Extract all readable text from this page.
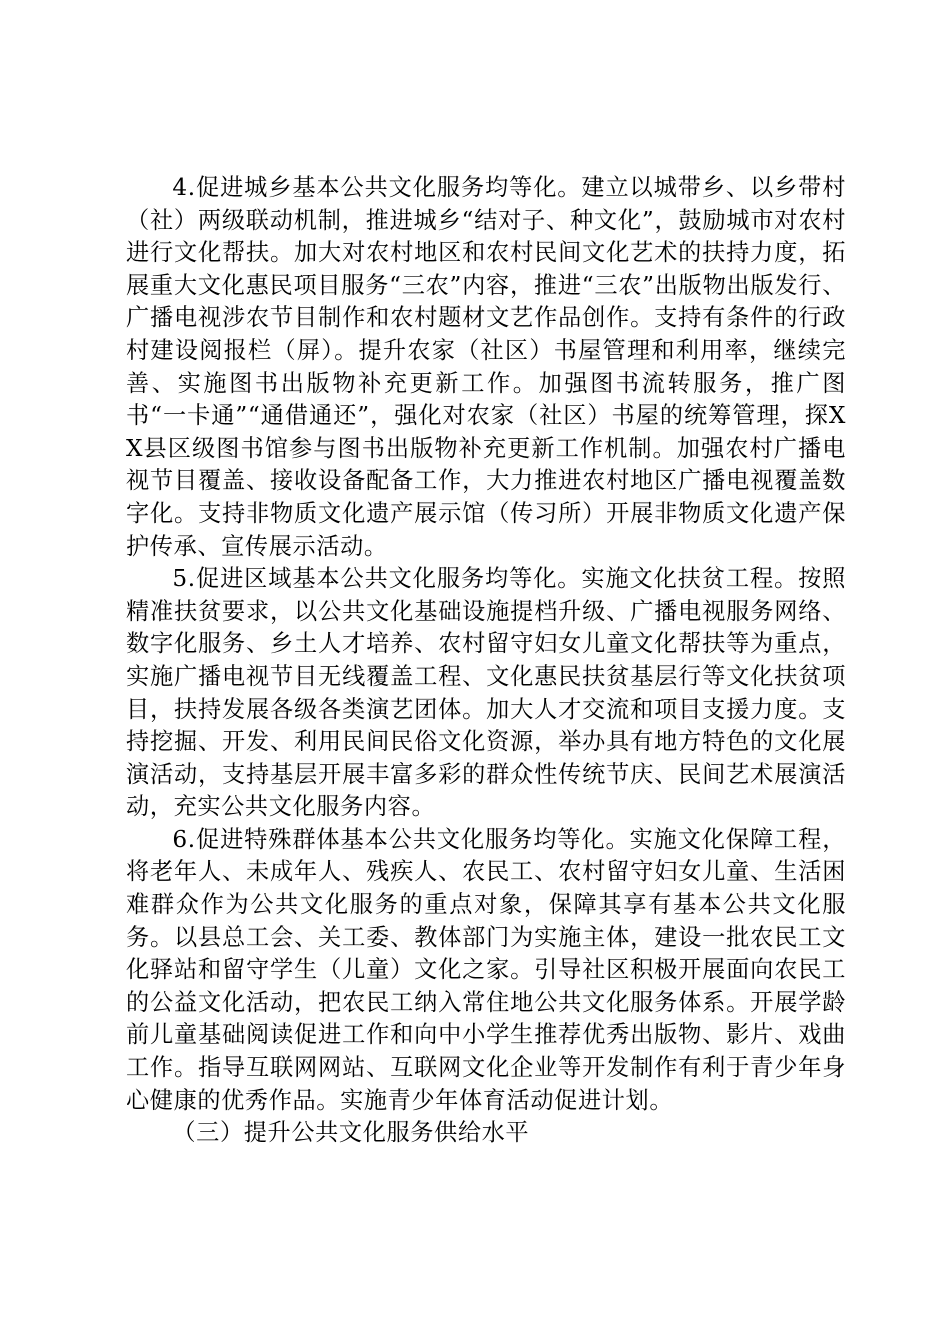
4.促进城乡基本公共文化服务均等化。建立以城带乡、以乡带村（社）两级联动机制，推进城乡“结对子、种文化”，鼓励城市对农村进行文化帮扶。加大对农村地区和农村民间文化艺术的扶持力度，拓展重大文化惠民项目服务“三农”内容，推进“三农”出版物出版发行、广播电视涉农节目制作和农村题材文艺作品创作。支持有条件的行政村建设阅报栏（屏）。提升农家（社区）书屋管理和利用率，继续完善、实施图书出版物补充更新工作。加强图书流转服务，推广图书“一卡通”“通借通还”，强化对农家（社区）书屋的统筹管理，探XX县区级图书馆参与图书出版物补充更新工作机制。加强农村广播电视节目覆盖、接收设备配备工作，大力推进农村地区广播电视覆盖数字化。支持非物质文化遗产展示馆（传习所）开展非物质文化遗产保护传承、宣传展示活动。

5.促进区域基本公共文化服务均等化。实施文化扶贫工程。按照精准扶贫要求，以公共文化基础设施提档升级、广播电视服务网络、数字化服务、乡土人才培养、农村留守妇女儿童文化帮扶等为重点，实施广播电视节目无线覆盖工程、文化惠民扶贫基层行等文化扶贫项目，扶持发展各级各类演艺团体。加大人才交流和项目支援力度。支持挖掘、开发、利用民间民俗文化资源，举办具有地方特色的文化展演活动，支持基层开展丰富多彩的群众性传统节庆、民间艺术展演活动，充实公共文化服务内容。

6.促进特殊群体基本公共文化服务均等化。实施文化保障工程，将老年人、未成年人、残疾人、农民工、农村留守妇女儿童、生活困难群众作为公共文化服务的重点对象，保障其享有基本公共文化服务。以县总工会、关工委、教体部门为实施主体，建设一批农民工文化驿站和留守学生（儿童）文化之家。引导社区积极开展面向农民工的公益文化活动，把农民工纳入常住地公共文化服务体系。开展学龄前儿童基础阅读促进工作和向中小学生推荐优秀出版物、影片、戏曲工作。指导互联网网站、互联网文化企业等开发制作有利于青少年身心健康的优秀作品。实施青少年体育活动促进计划。

（三）提升公共文化服务供给水平
